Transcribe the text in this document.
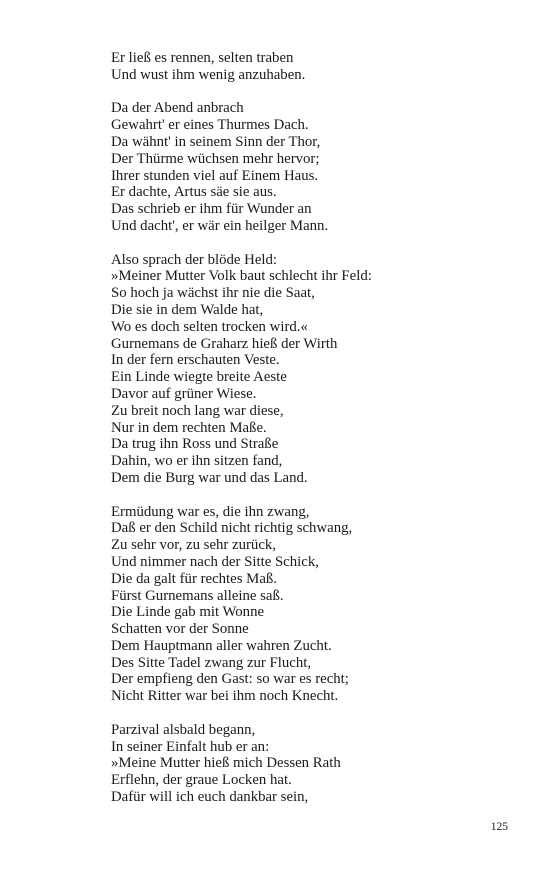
Er ließ es rennen, selten traben
Und wust ihm wenig anzuhaben.
Da der Abend anbrach
Gewahrt' er eines Thurmes Dach.
Da wähnt' in seinem Sinn der Thor,
Der Thürme wüchsen mehr hervor;
Ihrer stunden viel auf Einem Haus.
Er dachte, Artus säe sie aus.
Das schrieb er ihm für Wunder an
Und dacht', er wär ein heilger Mann.
Also sprach der blöde Held:
»Meiner Mutter Volk baut schlecht ihr Feld:
So hoch ja wächst ihr nie die Saat,
Die sie in dem Walde hat,
Wo es doch selten trocken wird.«
Gurnemans de Graharz hieß der Wirth
In der fern erschauten Veste.
Ein Linde wiegte breite Aeste
Davor auf grüner Wiese.
Zu breit noch lang war diese,
Nur in dem rechten Maße.
Da trug ihn Ross und Straße
Dahin, wo er ihn sitzen fand,
Dem die Burg war und das Land.
Ermüdung war es, die ihn zwang,
Daß er den Schild nicht richtig schwang,
Zu sehr vor, zu sehr zurück,
Und nimmer nach der Sitte Schick,
Die da galt für rechtes Maß.
Fürst Gurnemans alleine saß.
Die Linde gab mit Wonne
Schatten vor der Sonne
Dem Hauptmann aller wahren Zucht.
Des Sitte Tadel zwang zur Flucht,
Der empfieng den Gast: so war es recht;
Nicht Ritter war bei ihm noch Knecht.
Parzival alsbald begann,
In seiner Einfalt hub er an:
»Meine Mutter hieß mich Dessen Rath
Erflehn, der graue Locken hat.
Dafür will ich euch dankbar sein,
125
